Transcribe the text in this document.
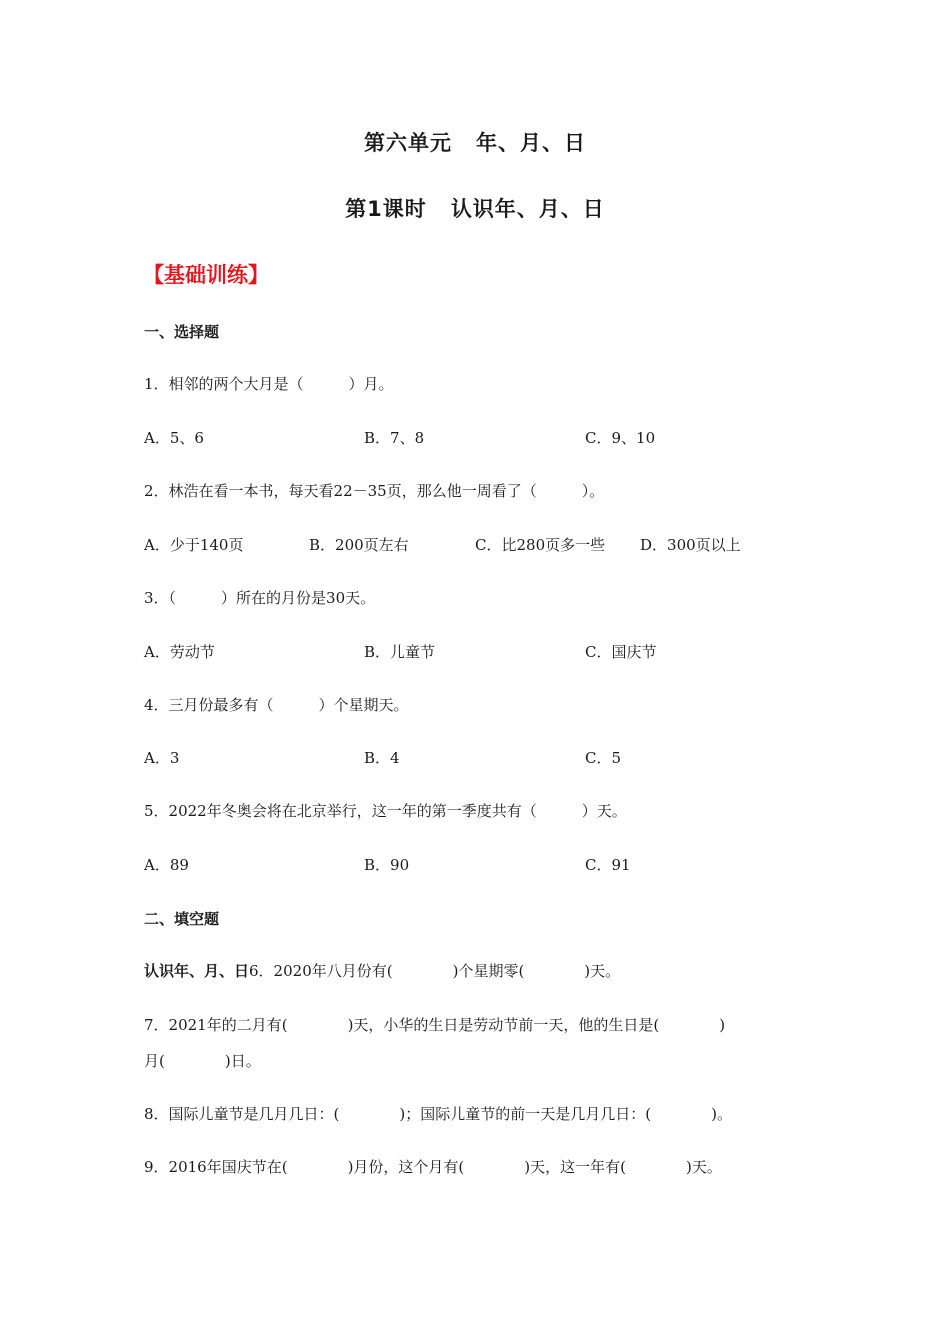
第六单元 年、月、日
第1课时 认识年、月、日
【基础训练】
一、选择题
1．相邻的两个大月是（　　　）月。
A．5、6	B．7、8	C．9、10
2．林浩在看一本书，每天看22－35页，那么他一周看了（　　　）。
A．少于140页	B．200页左右	C．比280页多一些 D．300页以上
3．（　　　）所在的月份是30天。
A．劳动节	B．儿童节	C．国庆节
4．三月份最多有（　　　）个星期天。
A．3	B．4	C．5
5．2022年冬奥会将在北京举行，这一年的第一季度共有（　　　）天。
A．89	B．90	C．91
二、填空题
认识年、月、日6．2020年八月份有(　　　　)个星期零(　　　　)天。
7．2021年的二月有(　　　　)天，小华的生日是劳动节前一天，他的生日是(　　　　)
月(　　　　)日。
8．国际儿童节是几月几日：(　　　　)；国际儿童节的前一天是几月几日：(　　　　)。
9．2016年国庆节在(　　　　)月份，这个月有(　　　　)天，这一年有(　　　　)天。
